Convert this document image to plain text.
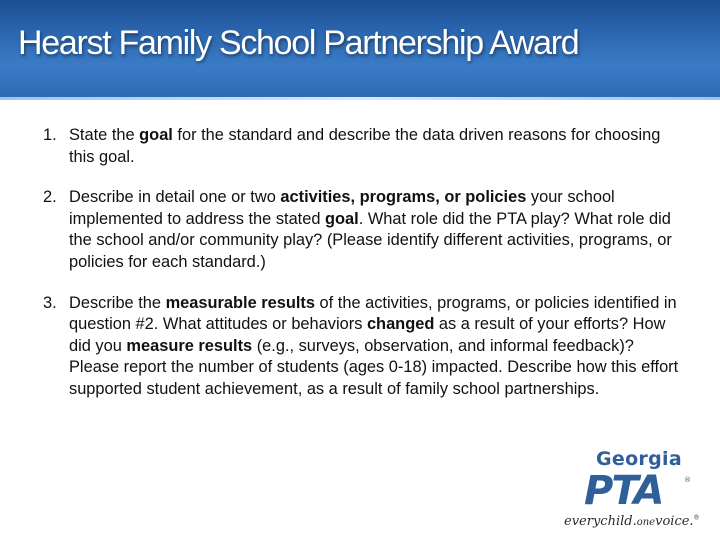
Hearst Family School Partnership Award
1. State the goal for the standard and describe the data driven reasons for choosing this goal.

2. Describe in detail one or two activities, programs, or policies your school implemented to address the stated goal. What role did the PTA play? What role did the school and/or community play? (Please identify different activities, programs, or policies for each standard.)

3. Describe the measurable results of the activities, programs, or policies identified in question #2. What attitudes or behaviors changed as a result of your efforts? How did you measure results (e.g., surveys, observation, and informal feedback)? Please report the number of students (ages 0-18) impacted. Describe how this effort supported student achievement, as a result of family school partnerships.

Georgia
PTA	®
everychild.onevoice.®
